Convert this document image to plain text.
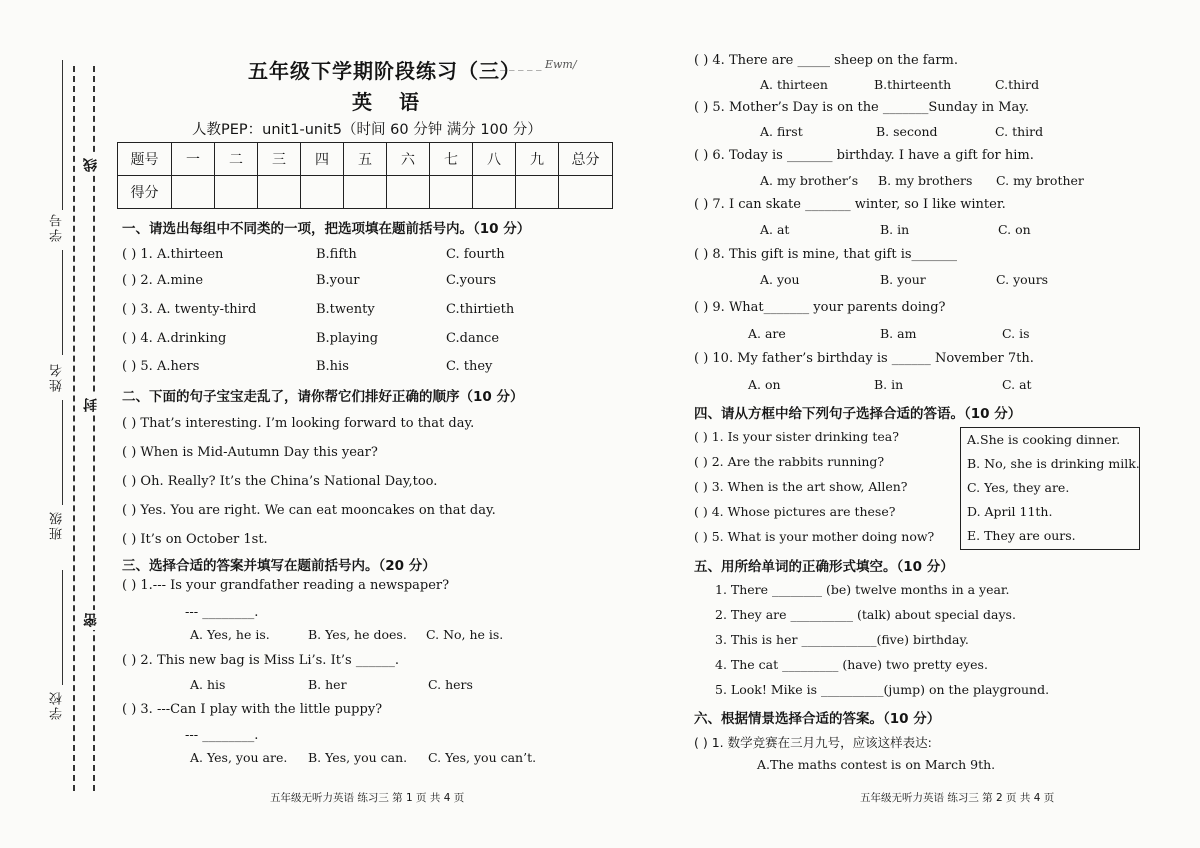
线
封
密
学号
姓名
班级
学校
五年级下学期阶段练习（三）
_ _ _ _ _ Ewm/
英 语
人教PEP：unit1-unit5（时间 60 分钟 满分 100 分）
题号	一	二	三	四	五	六	七	八	九	总分
得分										
一、请选出每组中不同类的一项，把选项填在题前括号内。（10 分）
( ) 1. A.thirteen	B.fifth	C. fourth
( ) 2. A.mine	B.your	C.yours
( ) 3. A. twenty-third	B.twenty	C.thirtieth
( ) 4. A.drinking	B.playing	C.dance
( ) 5. A.hers	B.his	C. they
二、下面的句子宝宝走乱了，请你帮它们排好正确的顺序（10 分）
( ) That’s interesting. I’m looking forward to that day.
( ) When is Mid-Autumn Day this year?
( ) Oh. Really? It’s the China’s National Day,too.
( ) Yes. You are right. We can eat mooncakes on that day.
( ) It’s on October 1st.
三、选择合适的答案并填写在题前括号内。（20 分）
( ) 1.--- Is your grandfather reading a newspaper?
--- ________.
A. Yes, he is.	B. Yes, he does. C. No, he is.
( ) 2. This new bag is Miss Li’s. It’s ______.
A. his	B. her	C. hers
( ) 3. ---Can I play with the little puppy?
--- ________.
A. Yes, you are. B. Yes, you can. C. Yes, you can’t.
五年级无听力英语 练习三 第 1 页 共 4 页
( ) 4. There are _____ sheep on the farm.
A. thirteen	B.thirteenth	C.third
( ) 5. Mother’s Day is on the _______Sunday in May.
A. first	B. second	C. third
( ) 6. Today is _______ birthday. I have a gift for him.
A. my brother’s B. my brothers C. my brother
( ) 7. I can skate _______ winter, so I like winter.
A. at	B. in	C. on
( ) 8. This gift is mine, that gift is_______
A. you	B. your	C. yours
( ) 9. What_______ your parents doing?
A. are	B. am	C. is
( ) 10. My father’s birthday is ______ November 7th.
A. on	B. in	C. at
四、请从方框中给下列句子选择合适的答语。（10 分）
( ) 1. Is your sister drinking tea?
( ) 2. Are the rabbits running?
( ) 3. When is the art show, Allen?
( ) 4. Whose pictures are these?
( ) 5. What is your mother doing now?
A.She is cooking dinner.
B. No, she is drinking milk.
C. Yes, they are.
D. April 11th.
E. They are ours.
五、用所给单词的正确形式填空。（10 分）
1. There ________ (be) twelve months in a year.
2. They are __________ (talk) about special days.
3. This is her ____________(five) birthday.
4. The cat _________ (have) two pretty eyes.
5. Look! Mike is __________(jump) on the playground.
六、根据情景选择合适的答案。（10 分）
( ) 1. 数学竞赛在三月九号，应该这样表达:
A.The maths contest is on March 9th.
五年级无听力英语 练习三 第 2 页 共 4 页
